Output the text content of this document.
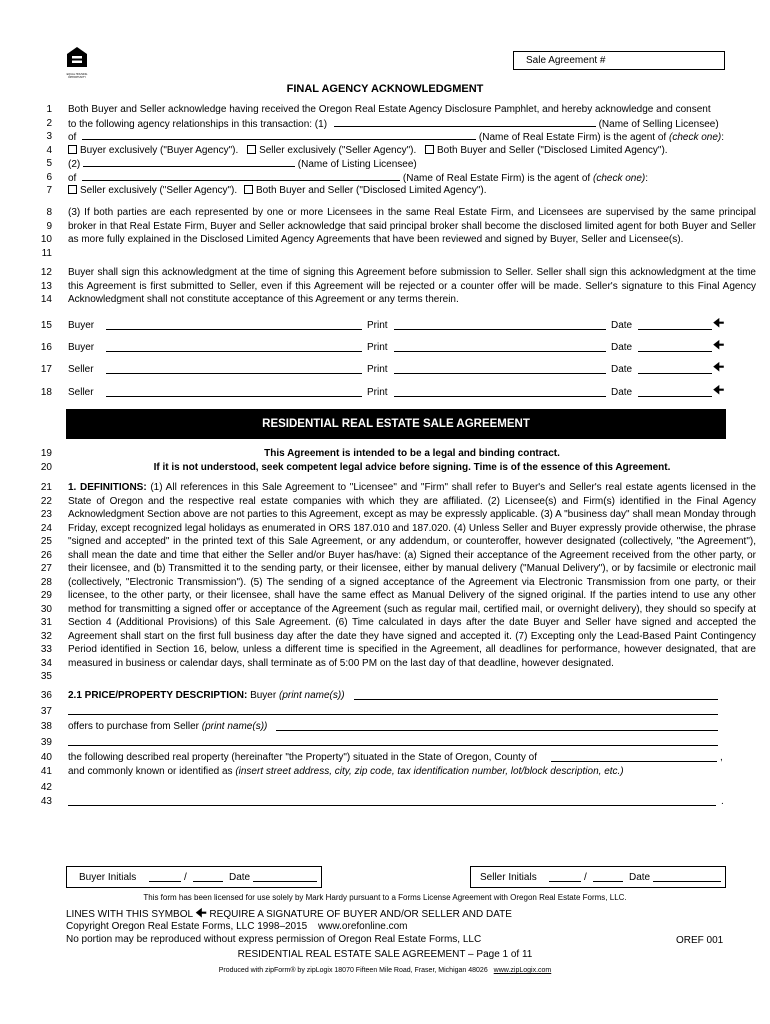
EQUAL HOUSING OPPORTUNITY
Sale Agreement #
FINAL AGENCY ACKNOWLEDGMENT
1
2
3
4
5
6
7
Both Buyer and Seller acknowledge having received the Oregon Real Estate Agency Disclosure Pamphlet, and hereby acknowledge and consent
to the following agency relationships in this transaction: (1)	(Name of Selling Licensee)
of	(Name of Real Estate Firm) is the agent of (check one):
Buyer exclusively ("Buyer Agency"). Seller exclusively ("Seller Agency"). Both Buyer and Seller ("Disclosed Limited Agency").
(2)	(Name of Listing Licensee)
of	(Name of Real Estate Firm) is the agent of (check one):
Seller exclusively ("Seller Agency"). Both Buyer and Seller ("Disclosed Limited Agency").
8
9
10
11
(3) If both parties are each represented by one or more Licensees in the same Real Estate Firm, and Licensees are supervised by the same principal broker in that Real Estate Firm, Buyer and Seller acknowledge that said principal broker shall become the disclosed limited agent for both Buyer and Seller as more fully explained in the Disclosed Limited Agency Agreements that have been reviewed and signed by Buyer, Seller and Licensee(s).
12
13
14
Buyer shall sign this acknowledgment at the time of signing this Agreement before submission to Seller. Seller shall sign this acknowledgment at the time this Agreement is first submitted to Seller, even if this Agreement will be rejected or a counter offer will be made. Seller's signature to this Final Agency Acknowledgment shall not constitute acceptance of this Agreement or any terms therein.
15 Buyer	Print	Date	🠈
16 Buyer	Print	Date	🠈
17 Seller	Print	Date	🠈
18 Seller	Print	Date	🠈
RESIDENTIAL REAL ESTATE SALE AGREEMENT
19
20
This Agreement is intended to be a legal and binding contract.
If it is not understood, seek competent legal advice before signing. Time is of the essence of this Agreement.
21
22
23
24
25
26
27
28
29
30
31
32
33
34
35
1. DEFINITIONS: (1) All references in this Sale Agreement to "Licensee" and "Firm" shall refer to Buyer's and Seller's real estate agents licensed in the State of Oregon and the respective real estate companies with which they are affiliated. (2) Licensee(s) and Firm(s) identified in the Final Agency Acknowledgment Section above are not parties to this Agreement, except as may be expressly applicable. (3) A "business day" shall mean Monday through Friday, except recognized legal holidays as enumerated in ORS 187.010 and 187.020. (4) Unless Seller and Buyer expressly provide otherwise, the phrase "signed and accepted" in the printed text of this Sale Agreement, or any addendum, or counteroffer, however designated (collectively, "the Agreement"), shall mean the date and time that either the Seller and/or Buyer has/have: (a) Signed their acceptance of the Agreement received from the other party, or their licensee, and (b) Transmitted it to the sending party, or their licensee, either by manual delivery ("Manual Delivery"), or by facsimile or electronic mail (collectively, "Electronic Transmission"). (5) The sending of a signed acceptance of the Agreement via Electronic Transmission from one party, or their licensee, to the other party, or their licensee, shall have the same effect as Manual Delivery of the signed original. If the parties intend to use any other method for transmitting a signed offer or acceptance of the Agreement (such as regular mail, certified mail, or overnight delivery), they should so specify at Section 4 (Additional Provisions) of this Sale Agreement. (6) Time calculated in days after the date Buyer and Seller have signed and accepted the Agreement shall start on the first full business day after the date they have signed and accepted it. (7) Excepting only the Lead-Based Paint Contingency Period identified in Section 16, below, unless a different time is specified in the Agreement, all deadlines for performance, however designated, that are measured in business or calendar days, shall terminate as of 5:00 PM on the last day of that deadline, however designated.
36
37
38
39
40
41
42
43
2.1 PRICE/PROPERTY DESCRIPTION: Buyer (print name(s))
offers to purchase from Seller (print name(s))
the following described real property (hereinafter "the Property") situated in the State of Oregon, County of	,
and commonly known or identified as (insert street address, city, zip code, tax identification number, lot/block description, etc.)
.
Buyer Initials	/	Date	Seller Initials	/	Date
This form has been licensed for use solely by Mark Hardy pursuant to a Forms License Agreement with Oregon Real Estate Forms, LLC.
LINES WITH THIS SYMBOL 🠈 REQUIRE A SIGNATURE OF BUYER AND/OR SELLER AND DATE
Copyright Oregon Real Estate Forms, LLC 1998–2015 www.orefonline.com
No portion may be reproduced without express permission of Oregon Real Estate Forms, LLC	OREF 001
RESIDENTIAL REAL ESTATE SALE AGREEMENT – Page 1 of 11
Produced with zipForm® by zipLogix 18070 Fifteen Mile Road, Fraser, Michigan 48026 www.zipLogix.com
